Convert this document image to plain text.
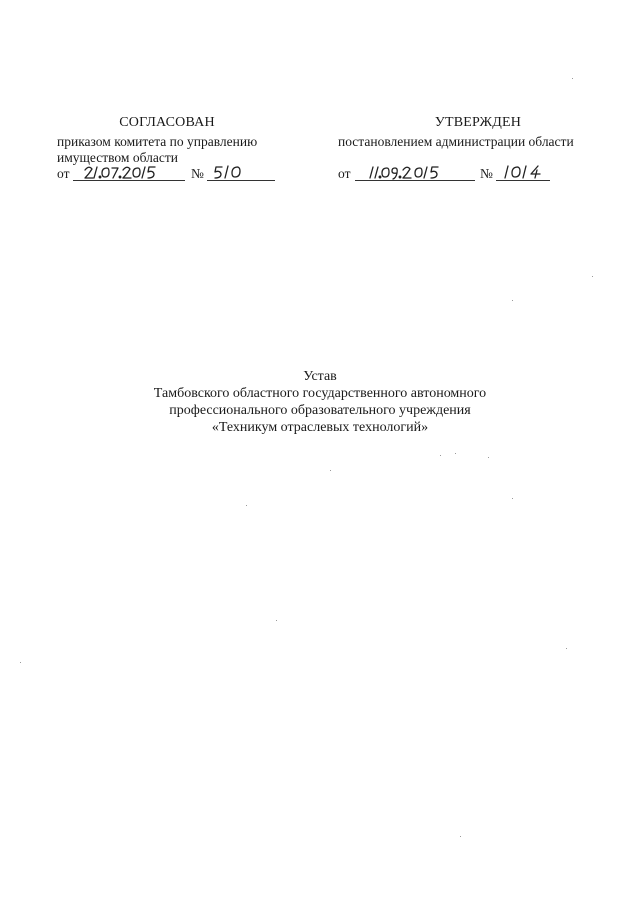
СОГЛАСОВАН
приказом комитета по управлению
имуществом области
от	№
УТВЕРЖДЕН
постановлением администрации области
от	№
Устав
Тамбовского областного государственного автономного
профессионального образовательного учреждения
«Техникум отраслевых технологий»
